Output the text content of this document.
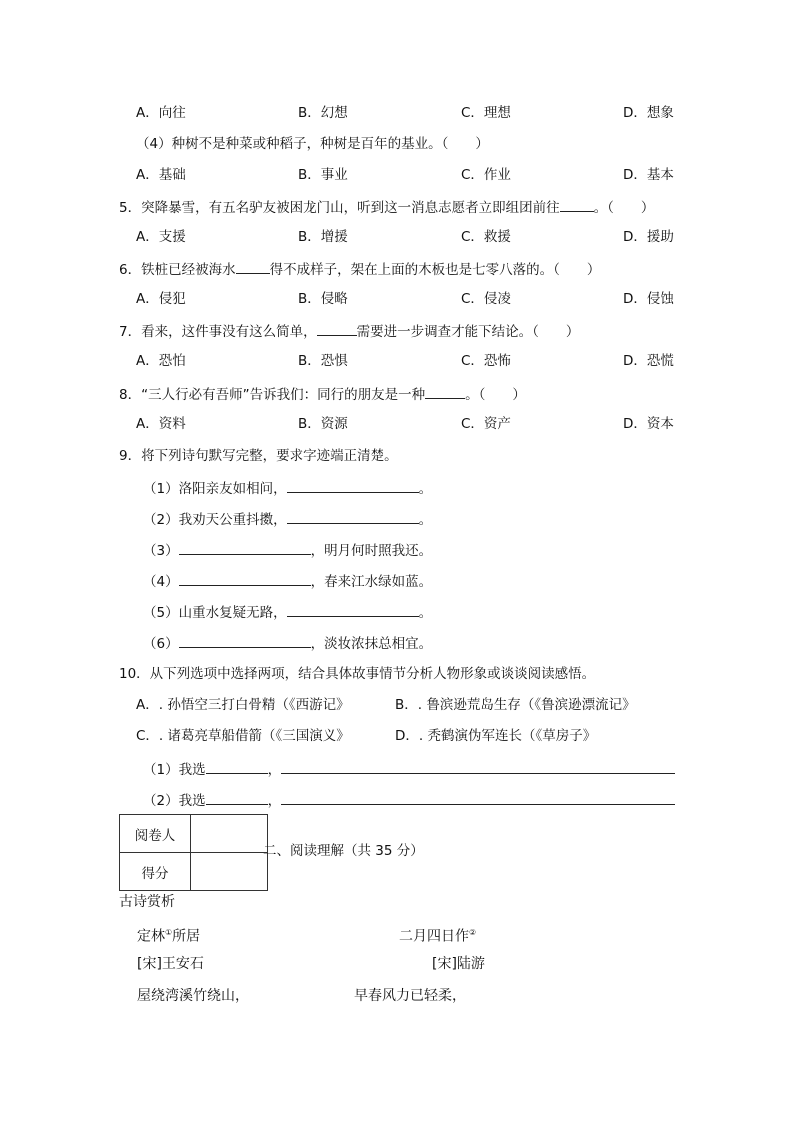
A．向往	B．幻想	C．理想	D．想象
（4）种树不是种菜或种稻子，种树是百年的基业。（　　）
A．基础	B．事业	C．作业	D．基本
5．突降暴雪，有五名驴友被困龙门山，听到这一消息志愿者立即组团前往	。（　　）
A．支援	B．增援	C．救援	D．援助
6．铁桩已经被海水	得不成样子，架在上面的木板也是七零八落的。（　　）
A．侵犯	B．侵略	C．侵凌	D．侵蚀
7．看来，这件事没有这么简单，	需要进一步调查才能下结论。（　　）
A．恐怕	B．恐惧	C．恐怖	D．恐慌
8．“三人行必有吾师”告诉我们：同行的朋友是一种	。（　　）
A．资料	B．资源	C．资产	D．资本
9．将下列诗句默写完整，要求字迹端正清楚。
（1）洛阳亲友如相问，	。
（2）我劝天公重抖擞，	。
（3）	，明月何时照我还。
（4）	，春来江水绿如蓝。
（5）山重水复疑无路，	。
（6）	，淡妆浓抹总相宜。
10．从下列选项中选择两项，结合具体故事情节分析人物形象或谈谈阅读感悟。
A．. 孙悟空三打白骨精（《西游记》	B．. 鲁滨逊荒岛生存（《鲁滨逊漂流记》
C．. 诸葛亮草船借箭（《三国演义》	D．. 秃鹤演伪军连长（《草房子》
（1）我选	，
（2）我选	，
阅卷人	
得分	
二、阅读理解（共 35 分）
古诗赏析
定林①所居	二月四日作②
[宋]王安石	[宋]陆游
屋绕湾溪竹绕山，	早春风力已轻柔，
